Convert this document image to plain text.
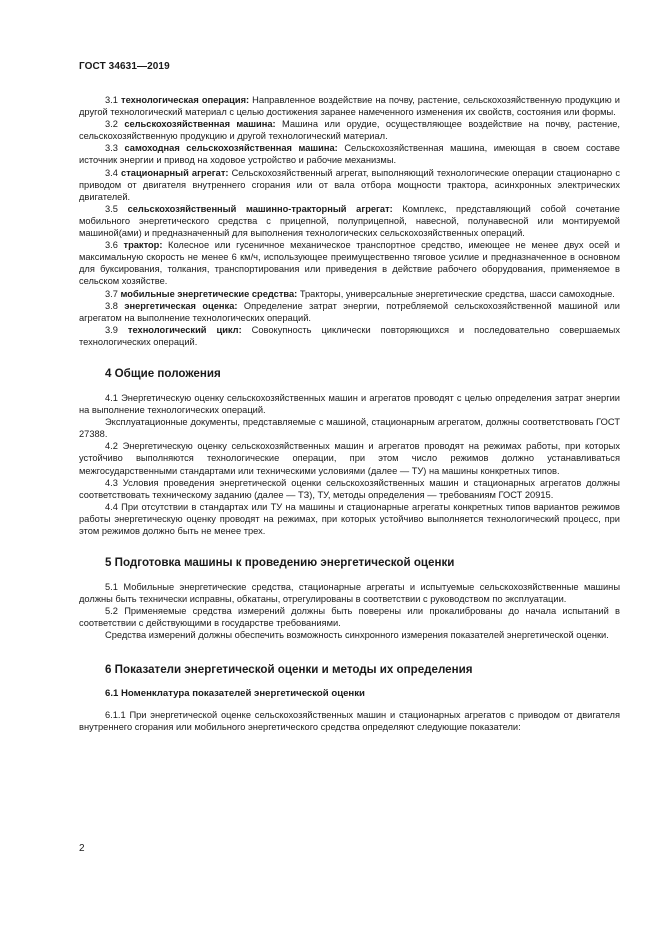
ГОСТ 34631—2019

3.1 технологическая операция: Направленное воздействие на почву, растение, сельскохозяйственную продукцию и другой технологический материал с целью достижения заранее намеченного изменения их свойств, состояния или формы.

3.2 сельскохозяйственная машина: Машина или орудие, осуществляющее воздействие на почву, растение, сельскохозяйственную продукцию и другой технологический материал.

3.3 самоходная сельскохозяйственная машина: Сельскохозяйственная машина, имеющая в своем составе источник энергии и привод на ходовое устройство и рабочие механизмы.

3.4 стационарный агрегат: Сельскохозяйственный агрегат, выполняющий технологические операции стационарно с приводом от двигателя внутреннего сгорания или от вала отбора мощности трактора, асинхронных электрических двигателей.

3.5 сельскохозяйственный машинно-тракторный агрегат: Комплекс, представляющий собой сочетание мобильного энергетического средства с прицепной, полуприцепной, навесной, полунавесной или монтируемой машиной(ами) и предназначенный для выполнения технологических сельскохозяйственных операций.

3.6 трактор: Колесное или гусеничное механическое транспортное средство, имеющее не менее двух осей и максимальную скорость не менее 6 км/ч, использующее преимущественно тяговое усилие и предназначенное в основном для буксирования, толкания, транспортирования или приведения в действие рабочего оборудования, применяемое в сельском хозяйстве.

3.7 мобильные энергетические средства: Тракторы, универсальные энергетические средства, шасси самоходные.

3.8 энергетическая оценка: Определение затрат энергии, потребляемой сельскохозяйственной машиной или агрегатом на выполнение технологических операций.

3.9 технологический цикл: Совокупность циклически повторяющихся и последовательно совершаемых технологических операций.

4 Общие положения

4.1 Энергетическую оценку сельскохозяйственных машин и агрегатов проводят с целью определения затрат энергии на выполнение технологических операций.

Эксплуатационные документы, представляемые с машиной, стационарным агрегатом, должны соответствовать ГОСТ 27388.

4.2 Энергетическую оценку сельскохозяйственных машин и агрегатов проводят на режимах работы, при которых устойчиво выполняются технологические операции, при этом число режимов должно устанавливаться межгосударственными стандартами или техническими условиями (далее — ТУ) на машины конкретных типов.

4.3 Условия проведения энергетической оценки сельскохозяйственных машин и стационарных агрегатов должны соответствовать техническому заданию (далее — ТЗ), ТУ, методы определения — требованиям ГОСТ 20915.

4.4 При отсутствии в стандартах или ТУ на машины и стационарные агрегаты конкретных типов вариантов режимов работы энергетическую оценку проводят на режимах, при которых устойчиво выполняется технологический процесс, при этом режимов должно быть не менее трех.

5 Подготовка машины к проведению энергетической оценки

5.1 Мобильные энергетические средства, стационарные агрегаты и испытуемые сельскохозяйственные машины должны быть технически исправны, обкатаны, отрегулированы в соответствии с руководством по эксплуатации.

5.2 Применяемые средства измерений должны быть поверены или прокалиброваны до начала испытаний в соответствии с действующими в государстве требованиями.

Средства измерений должны обеспечить возможность синхронного измерения показателей энергетической оценки.

6 Показатели энергетической оценки и методы их определения
6.1 Номенклатура показателей энергетической оценки

6.1.1 При энергетической оценке сельскохозяйственных машин и стационарных агрегатов с приводом от двигателя внутреннего сгорания или мобильного энергетического средства определяют следующие показатели:

2
